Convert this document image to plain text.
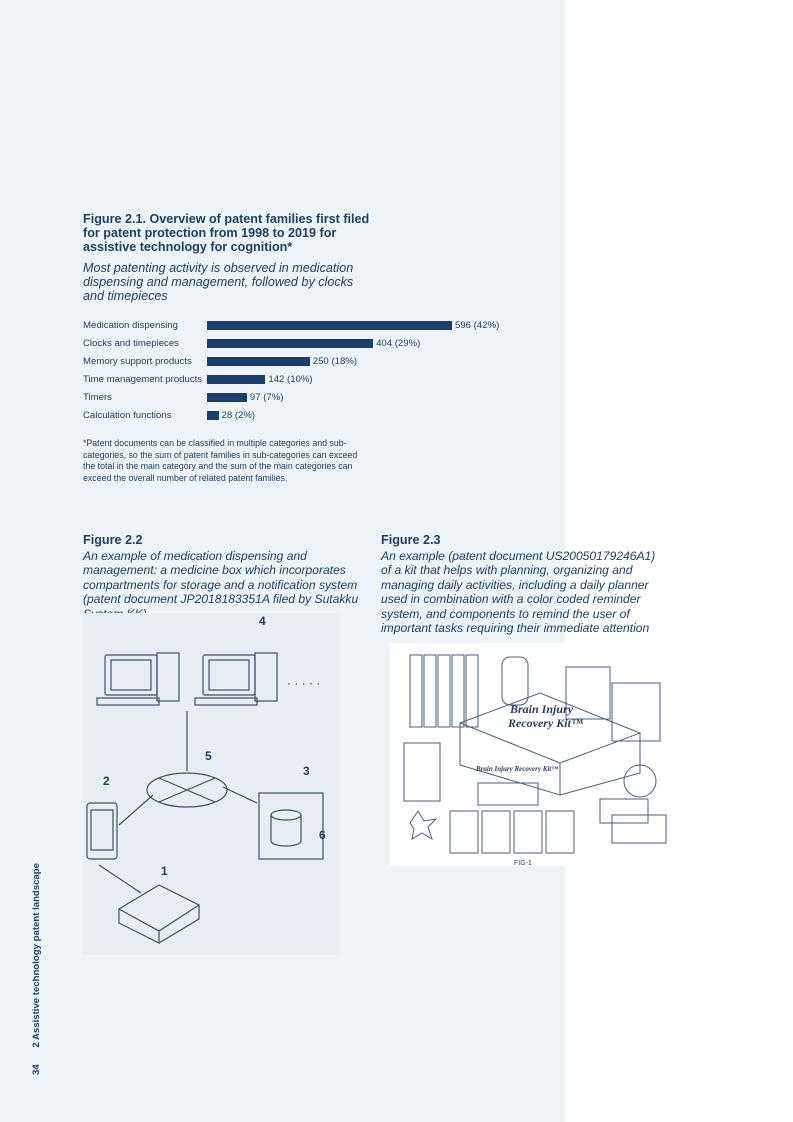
Figure 2.1. Overview of patent families first filed for patent protection from 1998 to 2019 for assistive technology for cognition*
Most patenting activity is observed in medication dispensing and management, followed by clocks and timepieces
Medication dispensing	596 (42%)
Clocks and timepieces	404 (29%)
Memory support products	250 (18%)
Time management products	142 (10%)
Timers	97 (7%)
Calculation functions	28 (2%)
*Patent documents can be classified in multiple categories and sub-categories, so the sum of patent families in sub-categories can exceed the total in the main category and the sum of the main categories can exceed the overall number of related patent families.
Figure 2.2
An example of medication dispensing and management: a medicine box which incorporates compartments for storage and a notification system (patent document JP2018183351A filed by Sutakku
Figure 2.3
An example (patent document US20050179246A1) of a kit that helps with planning, organizing and managing daily activities, including a daily planner used in combination with a color coded reminder system, and components to remind the user of important tasks requiring their immediate attention
4
5
2
3
6
1
· · · · ·
Brain Injury
Recovery Kit™
Brain Injury Recovery Kit™
FIG-1
34 2 Assistive technology patent landscape
